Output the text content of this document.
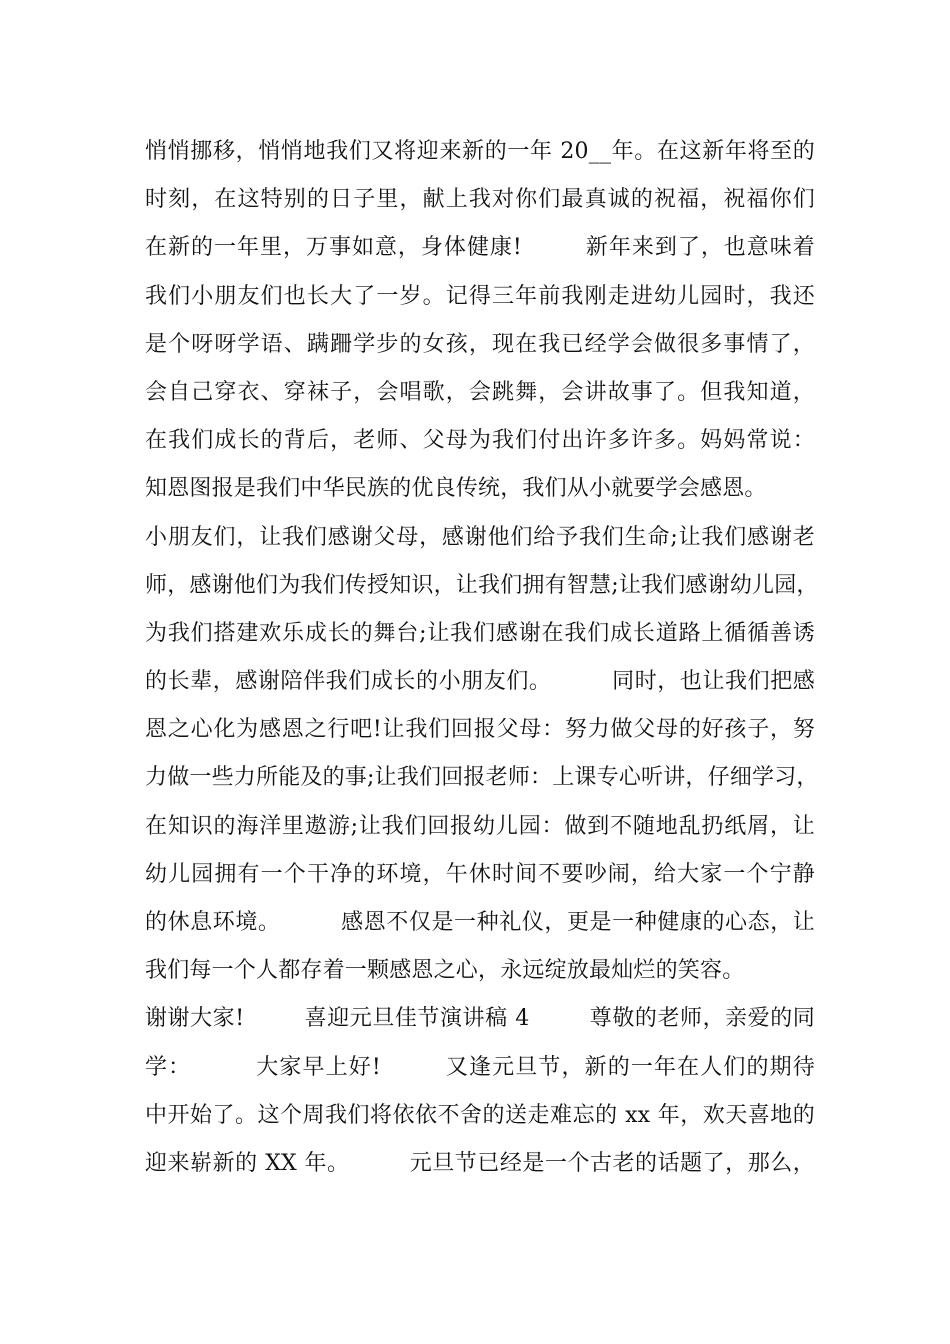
悄悄挪移，悄悄地我们又将迎来新的一年 20__年。在这新年将至的
时刻，在这特别的日子里，献上我对你们最真诚的祝福，祝福你们
在新的一年里，万事如意，身体健康!        新年来到了，也意味着
我们小朋友们也长大了一岁。记得三年前我刚走进幼儿园时，我还
是个呀呀学语、蹒跚学步的女孩，现在我已经学会做很多事情了，
会自己穿衣、穿袜子，会唱歌，会跳舞，会讲故事了。但我知道，
在我们成长的背后，老师、父母为我们付出许多许多。妈妈常说：
知恩图报是我们中华民族的优良传统，我们从小就要学会感恩。
小朋友们，让我们感谢父母，感谢他们给予我们生命;让我们感谢老
师，感谢他们为我们传授知识，让我们拥有智慧;让我们感谢幼儿园，
为我们搭建欢乐成长的舞台;让我们感谢在我们成长道路上循循善诱
的长辈，感谢陪伴我们成长的小朋友们。        同时，也让我们把感
恩之心化为感恩之行吧!让我们回报父母：努力做父母的好孩子，努
力做一些力所能及的事;让我们回报老师：上课专心听讲，仔细学习，
在知识的海洋里遨游;让我们回报幼儿园：做到不随地乱扔纸屑，让
幼儿园拥有一个干净的环境，午休时间不要吵闹，给大家一个宁静
的休息环境。        感恩不仅是一种礼仪，更是一种健康的心态，让
我们每一个人都存着一颗感恩之心，永远绽放最灿烂的笑容。
谢谢大家!        喜迎元旦佳节演讲稿 4        尊敬的老师，亲爱的同
学：        大家早上好!        又逢元旦节，新的一年在人们的期待
中开始了。这个周我们将依依不舍的送走难忘的 xx 年，欢天喜地的
迎来崭新的 XX 年。        元旦节已经是一个古老的话题了，那么，
